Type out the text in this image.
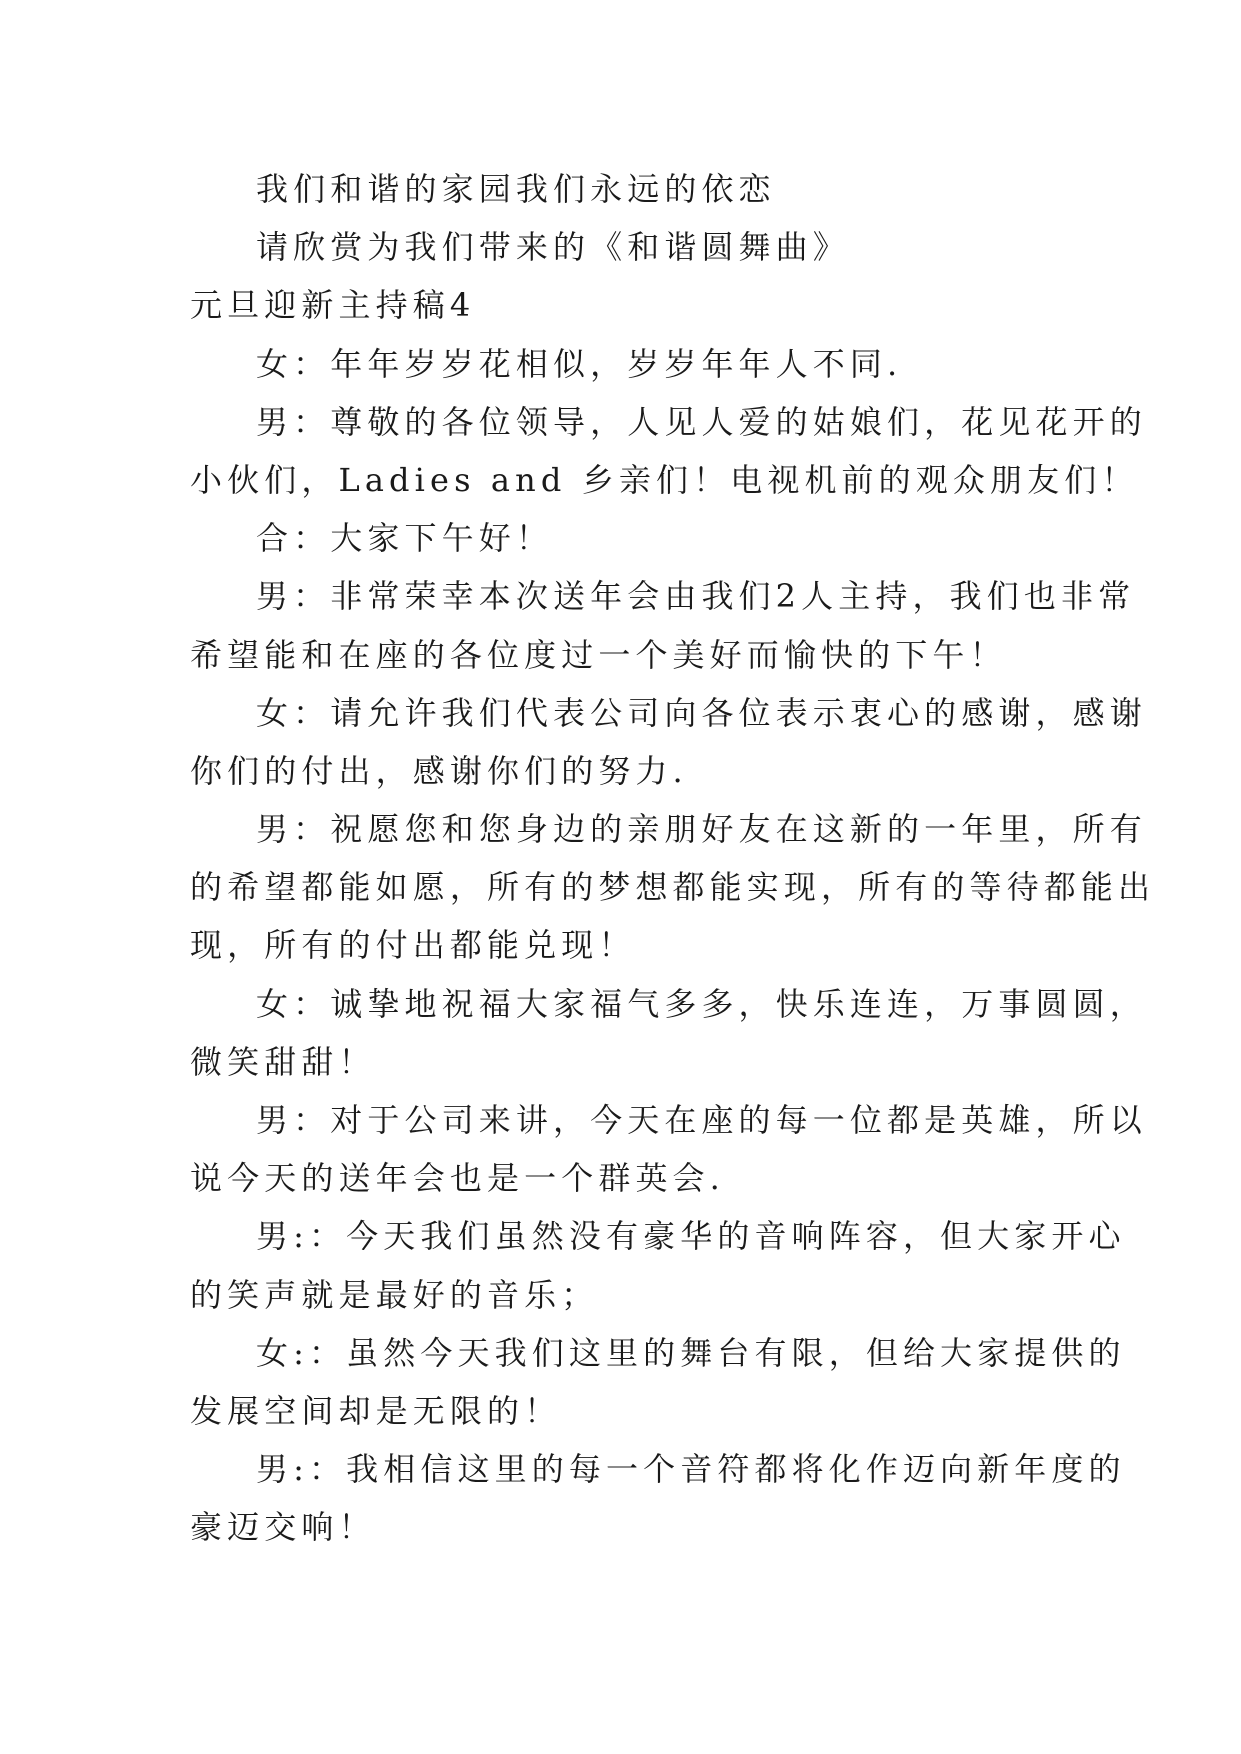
我们和谐的家园我们永远的依恋
请欣赏为我们带来的《和谐圆舞曲》
元旦迎新主持稿4
女：年年岁岁花相似，岁岁年年人不同.
男：尊敬的各位领导，人见人爱的姑娘们，花见花开的
小伙们，Ladies and 乡亲们！电视机前的观众朋友们！
合：大家下午好！
男：非常荣幸本次送年会由我们2人主持，我们也非常
希望能和在座的各位度过一个美好而愉快的下午！
女：请允许我们代表公司向各位表示衷心的感谢，感谢
你们的付出，感谢你们的努力.
男：祝愿您和您身边的亲朋好友在这新的一年里，所有
的希望都能如愿，所有的梦想都能实现，所有的等待都能出
现，所有的付出都能兑现！
女：诚挚地祝福大家福气多多，快乐连连，万事圆圆，
微笑甜甜！
男：对于公司来讲，今天在座的每一位都是英雄，所以
说今天的送年会也是一个群英会.
男:：今天我们虽然没有豪华的音响阵容，但大家开心
的笑声就是最好的音乐；
女:：虽然今天我们这里的舞台有限，但给大家提供的
发展空间却是无限的！
男:：我相信这里的每一个音符都将化作迈向新年度的
豪迈交响！
